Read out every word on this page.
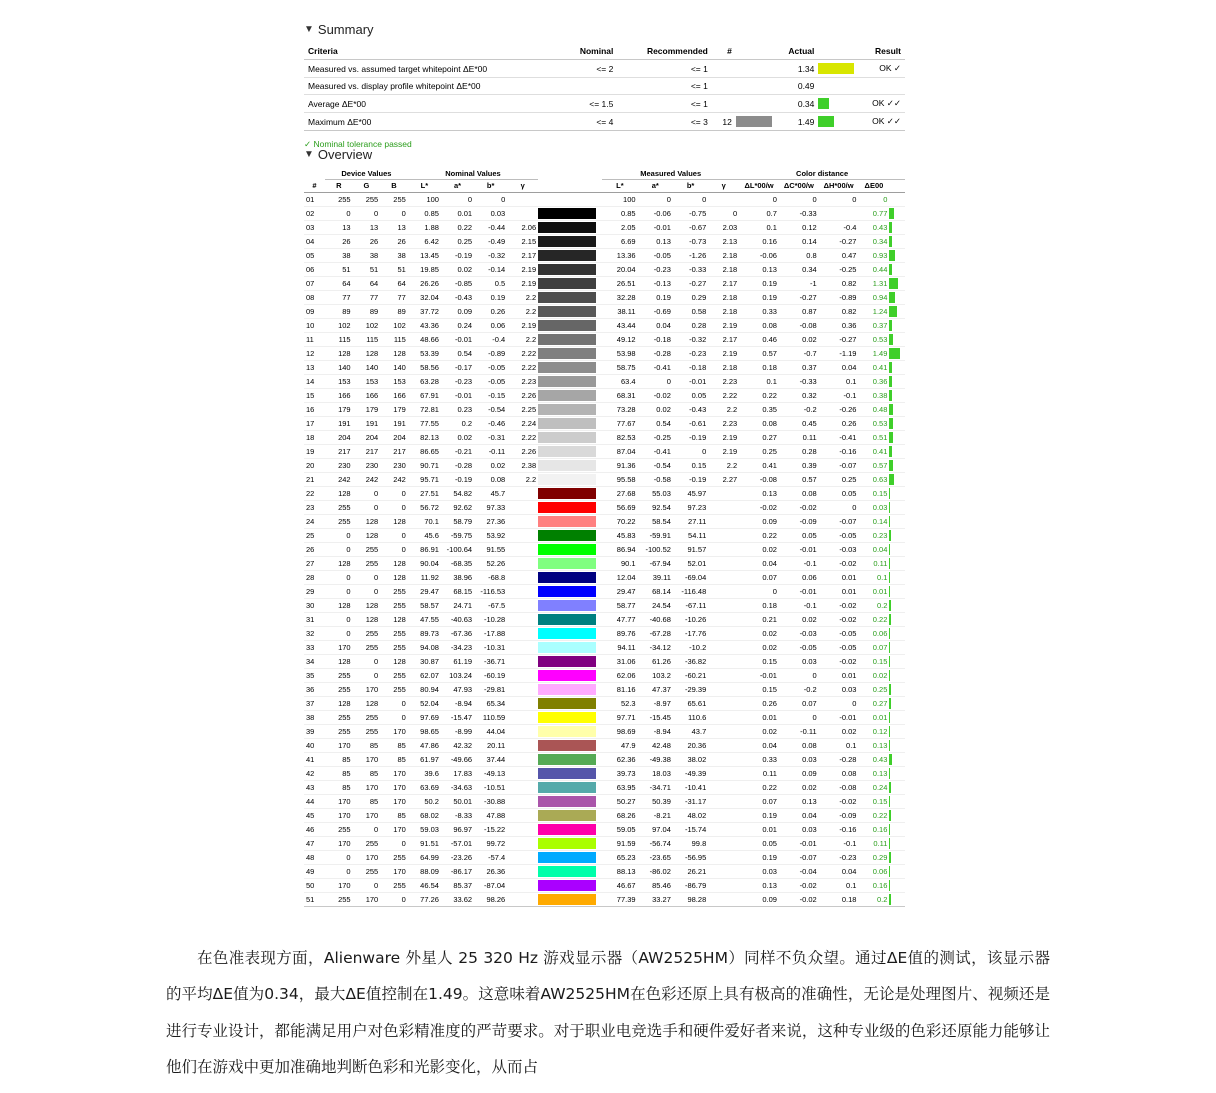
▼ Summary
Criteria	Nominal	Recommended	#		Actual		Result
Measured vs. assumed target whitepoint ΔE*00	<= 2	<= 1			1.34		OK ✓
Measured vs. display profile whitepoint ΔE*00		<= 1			0.49	

Average ΔE*00	<= 1.5	<= 1			0.34		OK ✓✓
Maximum ΔE*00	<= 4	<= 3	12		1.49		OK ✓✓
✓ Nominal tolerance passed
▼ Overview
	Device Values			Nominal Values					Measured Values				Color distance				
#	R	G	B	L*	a*	b*	γ		L*	a*	b*	γ	ΔL*00/w	ΔC*00/w	ΔH*00/w	ΔE00	
01	255	255	255	100	0	0			100	0	0		0	0	0	0	

02	0	0	0	0.85	0.01	0.03			0.85	-0.06	-0.75	0	0.7	-0.33		0.77	

03	13	13	13	1.88	0.22	-0.44	2.06		2.05	-0.01	-0.67	2.03	0.1	0.12	-0.4	0.43	

04	26	26	26	6.42	0.25	-0.49	2.15		6.69	0.13	-0.73	2.13	0.16	0.14	-0.27	0.34	

05	38	38	38	13.45	-0.19	-0.32	2.17		13.36	-0.05	-1.26	2.18	-0.06	0.8	0.47	0.93	

06	51	51	51	19.85	0.02	-0.14	2.19		20.04	-0.23	-0.33	2.18	0.13	0.34	-0.25	0.44	

07	64	64	64	26.26	-0.85	0.5	2.19		26.51	-0.13	-0.27	2.17	0.19	-1	0.82	1.31	

08	77	77	77	32.04	-0.43	0.19	2.2		32.28	0.19	0.29	2.18	0.19	-0.27	-0.89	0.94	

09	89	89	89	37.72	0.09	0.26	2.2		38.11	-0.69	0.58	2.18	0.33	0.87	0.82	1.24	

10	102	102	102	43.36	0.24	0.06	2.19		43.44	0.04	0.28	2.19	0.08	-0.08	0.36	0.37	

11	115	115	115	48.66	-0.01	-0.4	2.2		49.12	-0.18	-0.32	2.17	0.46	0.02	-0.27	0.53	

12	128	128	128	53.39	0.54	-0.89	2.22		53.98	-0.28	-0.23	2.19	0.57	-0.7	-1.19	1.49	

13	140	140	140	58.56	-0.17	-0.05	2.22		58.75	-0.41	-0.18	2.18	0.18	0.37	0.04	0.41	

14	153	153	153	63.28	-0.23	-0.05	2.23		63.4	0	-0.01	2.23	0.1	-0.33	0.1	0.36	

15	166	166	166	67.91	-0.01	-0.15	2.26		68.31	-0.02	0.05	2.22	0.22	0.32	-0.1	0.38	

16	179	179	179	72.81	0.23	-0.54	2.25		73.28	0.02	-0.43	2.2	0.35	-0.2	-0.26	0.48	

17	191	191	191	77.55	0.2	-0.46	2.24		77.67	0.54	-0.61	2.23	0.08	0.45	0.26	0.53	

18	204	204	204	82.13	0.02	-0.31	2.22		82.53	-0.25	-0.19	2.19	0.27	0.11	-0.41	0.51	

19	217	217	217	86.65	-0.21	-0.11	2.26		87.04	-0.41	0	2.19	0.25	0.28	-0.16	0.41	

20	230	230	230	90.71	-0.28	0.02	2.38		91.36	-0.54	0.15	2.2	0.41	0.39	-0.07	0.57	

21	242	242	242	95.71	-0.19	0.08	2.2		95.58	-0.58	-0.19	2.27	-0.08	0.57	0.25	0.63	

22	128	0	0	27.51	54.82	45.7			27.68	55.03	45.97		0.13	0.08	0.05	0.15	

23	255	0	0	56.72	92.62	97.33			56.69	92.54	97.23		-0.02	-0.02	0	0.03	

24	255	128	128	70.1	58.79	27.36			70.22	58.54	27.11		0.09	-0.09	-0.07	0.14	

25	0	128	0	45.6	-59.75	53.92			45.83	-59.91	54.11		0.22	0.05	-0.05	0.23	

26	0	255	0	86.91	-100.64	91.55			86.94	-100.52	91.57		0.02	-0.01	-0.03	0.04	

27	128	255	128	90.04	-68.35	52.26			90.1	-67.94	52.01		0.04	-0.1	-0.02	0.11	

28	0	0	128	11.92	38.96	-68.8			12.04	39.11	-69.04		0.07	0.06	0.01	0.1	

29	0	0	255	29.47	68.15	-116.53			29.47	68.14	-116.48		0	-0.01	0.01	0.01	

30	128	128	255	58.57	24.71	-67.5			58.77	24.54	-67.11		0.18	-0.1	-0.02	0.2	

31	0	128	128	47.55	-40.63	-10.28			47.77	-40.68	-10.26		0.21	0.02	-0.02	0.22	

32	0	255	255	89.73	-67.36	-17.88			89.76	-67.28	-17.76		0.02	-0.03	-0.05	0.06	

33	170	255	255	94.08	-34.23	-10.31			94.11	-34.12	-10.2		0.02	-0.05	-0.05	0.07	

34	128	0	128	30.87	61.19	-36.71			31.06	61.26	-36.82		0.15	0.03	-0.02	0.15	

35	255	0	255	62.07	103.24	-60.19			62.06	103.2	-60.21		-0.01	0	0.01	0.02	

36	255	170	255	80.94	47.93	-29.81			81.16	47.37	-29.39		0.15	-0.2	0.03	0.25	

37	128	128	0	52.04	-8.94	65.34			52.3	-8.97	65.61		0.26	0.07	0	0.27	

38	255	255	0	97.69	-15.47	110.59			97.71	-15.45	110.6		0.01	0	-0.01	0.01	

39	255	255	170	98.65	-8.99	44.04			98.69	-8.94	43.7		0.02	-0.11	0.02	0.12	

40	170	85	85	47.86	42.32	20.11			47.9	42.48	20.36		0.04	0.08	0.1	0.13	

41	85	170	85	61.97	-49.66	37.44			62.36	-49.38	38.02		0.33	0.03	-0.28	0.43	

42	85	85	170	39.6	17.83	-49.13			39.73	18.03	-49.39		0.11	0.09	0.08	0.13	

43	85	170	170	63.69	-34.63	-10.51			63.95	-34.71	-10.41		0.22	0.02	-0.08	0.24	

44	170	85	170	50.2	50.01	-30.88			50.27	50.39	-31.17		0.07	0.13	-0.02	0.15	

45	170	170	85	68.02	-8.33	47.88			68.26	-8.21	48.02		0.19	0.04	-0.09	0.22	

46	255	0	170	59.03	96.97	-15.22			59.05	97.04	-15.74		0.01	0.03	-0.16	0.16	

47	170	255	0	91.51	-57.01	99.72			91.59	-56.74	99.8		0.05	-0.01	-0.1	0.11	

48	0	170	255	64.99	-23.26	-57.4			65.23	-23.65	-56.95		0.19	-0.07	-0.23	0.29	

49	0	255	170	88.09	-86.17	26.36			88.13	-86.02	26.21		0.03	-0.04	0.04	0.06	

50	170	0	255	46.54	85.37	-87.04			46.67	85.46	-86.79		0.13	-0.02	0.1	0.16	

51	255	170	0	77.26	33.62	98.26			77.39	33.27	98.28		0.09	-0.02	0.18	0.2	

在色准表现方面，Alienware 外星人 25 320 Hz 游戏显示器（AW2525HM）同样不负众望。通过ΔE值的测试，该显示器的平均ΔE值为0.34，最大ΔE值控制在1.49。这意味着AW2525HM在色彩还原上具有极高的准确性，无论是处理图片、视频还是进行专业设计，都能满足用户对色彩精准度的严苛要求。对于职业电竞选手和硬件爱好者来说，这种专业级的色彩还原能力能够让他们在游戏中更加准确地判断色彩和光影变化，从而占
